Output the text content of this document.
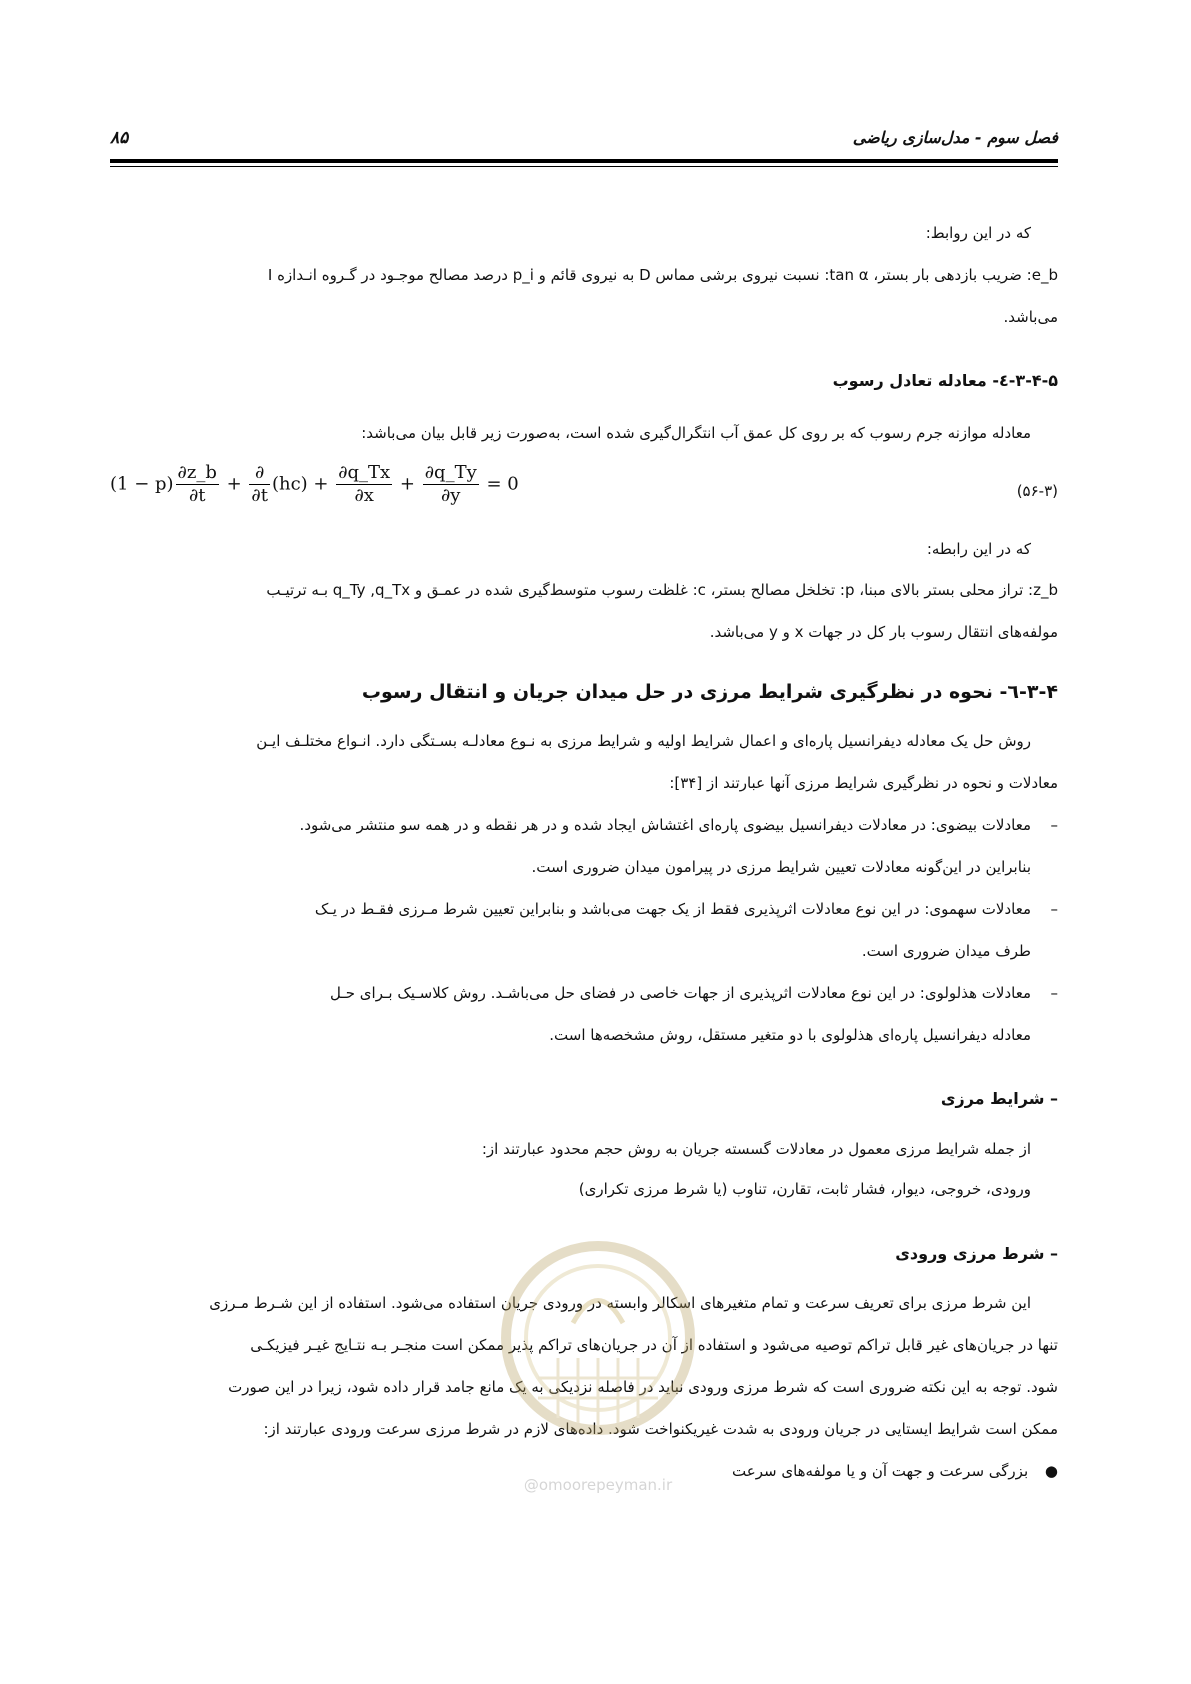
فصل سوم - مدل‌سازی ریاضی
۸۵
که در این روابط:
e_b: ضریب بازدهی بار بستر، tan α: نسبت نیروی برشی مماس D به نیروی قائم و p_i درصد مصالح موجـود در گـروه انـدازه I
می‌باشد.
۳-۴-۵-٤- معادله تعادل رسوب
معادله موازنه جرم رسوب که بر روی کل عمق آب انتگرال‌گیری شده است، به‌صورت زیر قابل بیان می‌باشد:
$(1 - p) \frac{\partial z\_b}{\partial t} + \frac{\partial}{\partial t} (hc) + \frac{\partial q\_Tx}{\partial x} + \frac{\partial q\_Ty}{\partial y} = 0$	(۵۶-۳)
که در این رابطه:
z_b: تراز محلی بستر بالای مبنا، p: تخلخل مصالح بستر، c: غلظت رسوب متوسط‌گیری شده در عمـق و q_Ty ,q_Tx بـه ترتیـب
مولفه‌های انتقال رسوب بار کل در جهات x و y می‌باشد.
۳-۴-٦- نحوه در نظرگیری شرایط مرزی در حل میدان جریان و انتقال رسوب
روش حل یک معادله دیفرانسیل پاره‌ای و اعمال شرایط اولیه و شرایط مرزی به نـوع معادلـه بسـتگی دارد. انـواع مختلـف ایـن
معادلات و نحوه در نظرگیری شرایط مرزی آنها عبارتند از [۳۴]:
–
معادلات بیضوی: در معادلات دیفرانسیل بیضوی پاره‌ای اغتشاش ایجاد شده و در هر نقطه و در همه سو منتشر می‌شود.
بنابراین در این‌گونه معادلات تعیین شرایط مرزی در پیرامون میدان ضروری است.
–
معادلات سهموی: در این نوع معادلات اثرپذیری فقط از یک جهت می‌باشد و بنابراین تعیین شرط مـرزی فقـط در یـک
طرف میدان ضروری است.
–
معادلات هذلولوی: در این نوع معادلات اثرپذیری از جهات خاصی در فضای حل می‌باشـد. روش کلاسـیک بـرای حـل
معادله دیفرانسیل پاره‌ای هذلولوی با دو متغیر مستقل، روش مشخصه‌ها است.
– شرایط مرزی
از جمله شرایط مرزی معمول در معادلات گسسته جریان به روش حجم محدود عبارتند از:
ورودی، خروجی، دیوار، فشار ثابت، تقارن، تناوب (یا شرط مرزی تکراری)
– شرط مرزی ورودی
این شرط مرزی برای تعریف سرعت و تمام متغیرهای اسکالر وابسته در ورودی جریان استفاده می‌شود. استفاده از این شـرط مـرزی
تنها در جریان‌های غیر قابل تراکم توصیه می‌شود و استفاده از آن در جریان‌های تراکم پذیر ممکن است منجـر بـه نتـایج غیـر فیزیکـی
شود. توجه به این نکته ضروری است که شرط مرزی ورودی نباید در فاصله نزدیکی به یک مانع جامد قرار داده شود، زیرا در این صورت
ممکن است شرایط ایستایی در جریان ورودی به شدت غیریکنواخت شود. داده‌های لازم در شرط مرزی سرعت ورودی عبارتند از:
● بزرگی سرعت و جهت آن و یا مولفه‌های سرعت
@omoorepeyman.ir
